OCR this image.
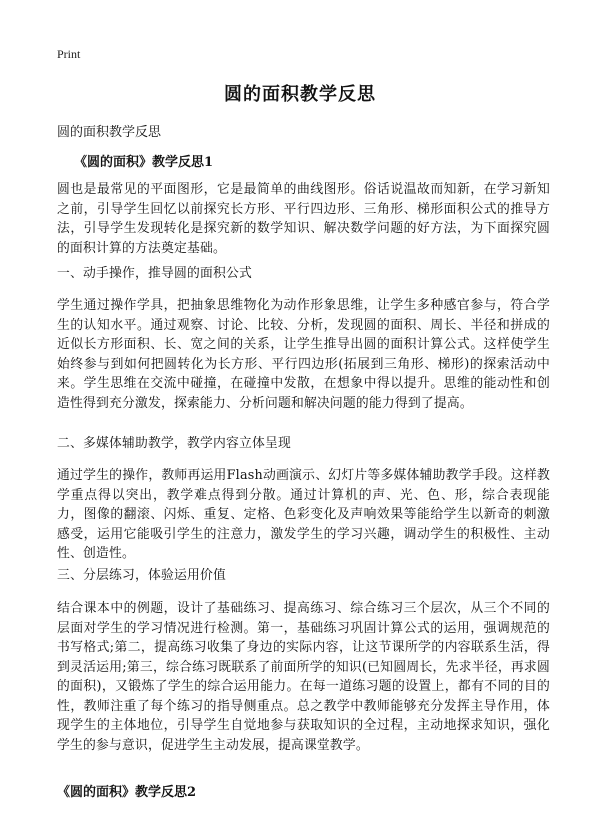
Print
圆的面积教学反思
圆的面积教学反思
《圆的面积》教学反思1
圆也是最常见的平面图形，它是最简单的曲线图形。俗话说温故而知新，在学习新知之前，引导学生回忆以前探究长方形、平行四边形、三角形、梯形面积公式的推导方法，引导学生发现转化是探究新的数学知识、解决数学问题的好方法，为下面探究圆的面积计算的方法奠定基础。
一、动手操作，推导圆的面积公式
学生通过操作学具，把抽象思维物化为动作形象思维，让学生多种感官参与，符合学生的认知水平。通过观察、讨论、比较、分析，发现圆的面积、周长、半径和拼成的近似长方形面积、长、宽之间的关系，让学生推导出圆的面积计算公式。这样使学生始终参与到如何把圆转化为长方形、平行四边形(拓展到三角形、梯形)的探索活动中来。学生思维在交流中碰撞，在碰撞中发散，在想象中得以提升。思维的能动性和创造性得到充分激发，探索能力、分析问题和解决问题的能力得到了提高。
二、多媒体辅助教学，教学内容立体呈现
通过学生的操作，教师再运用Flash动画演示、幻灯片等多媒体辅助教学手段。这样教学重点得以突出，教学难点得到分散。通过计算机的声、光、色、形，综合表现能力，图像的翻滚、闪烁、重复、定格、色彩变化及声响效果等能给学生以新奇的刺激感受，运用它能吸引学生的注意力，激发学生的学习兴趣，调动学生的积极性、主动性、创造性。
三、分层练习，体验运用价值
结合课本中的例题，设计了基础练习、提高练习、综合练习三个层次，从三个不同的层面对学生的学习情况进行检测。第一，基础练习巩固计算公式的运用，强调规范的书写格式;第二，提高练习收集了身边的实际内容，让这节课所学的内容联系生活，得到灵活运用;第三，综合练习既联系了前面所学的知识(已知圆周长，先求半径，再求圆的面积)，又锻炼了学生的综合运用能力。在每一道练习题的设置上，都有不同的目的性，教师注重了每个练习的指导侧重点。总之教学中教师能够充分发挥主导作用，体现学生的主体地位，引导学生自觉地参与获取知识的全过程，主动地探求知识，强化学生的参与意识，促进学生主动发展，提高课堂教学。
《圆的面积》教学反思2
